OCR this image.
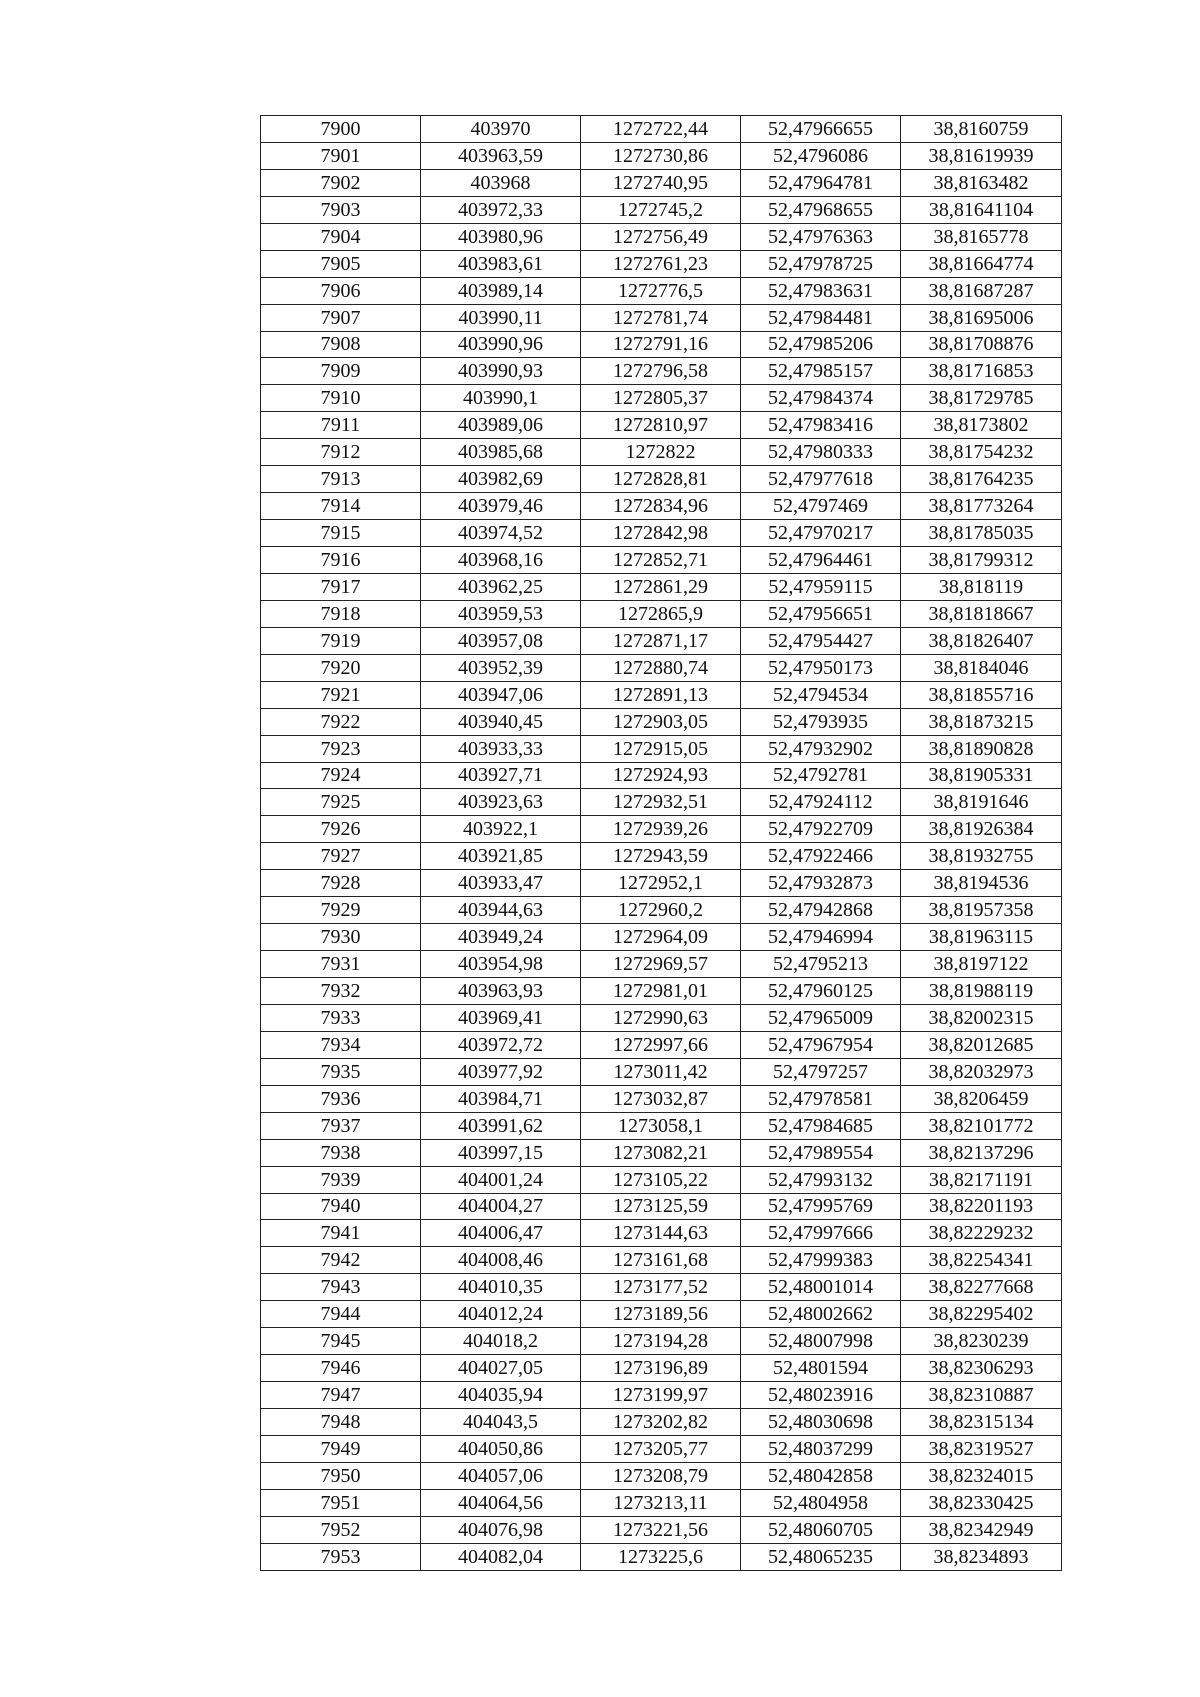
7900	403970	1272722,44	52,47966655	38,8160759
7901	403963,59	1272730,86	52,4796086	38,81619939
7902	403968	1272740,95	52,47964781	38,8163482
7903	403972,33	1272745,2	52,47968655	38,81641104
7904	403980,96	1272756,49	52,47976363	38,8165778
7905	403983,61	1272761,23	52,47978725	38,81664774
7906	403989,14	1272776,5	52,47983631	38,81687287
7907	403990,11	1272781,74	52,47984481	38,81695006
7908	403990,96	1272791,16	52,47985206	38,81708876
7909	403990,93	1272796,58	52,47985157	38,81716853
7910	403990,1	1272805,37	52,47984374	38,81729785
7911	403989,06	1272810,97	52,47983416	38,8173802
7912	403985,68	1272822	52,47980333	38,81754232
7913	403982,69	1272828,81	52,47977618	38,81764235
7914	403979,46	1272834,96	52,4797469	38,81773264
7915	403974,52	1272842,98	52,47970217	38,81785035
7916	403968,16	1272852,71	52,47964461	38,81799312
7917	403962,25	1272861,29	52,47959115	38,818119
7918	403959,53	1272865,9	52,47956651	38,81818667
7919	403957,08	1272871,17	52,47954427	38,81826407
7920	403952,39	1272880,74	52,47950173	38,8184046
7921	403947,06	1272891,13	52,4794534	38,81855716
7922	403940,45	1272903,05	52,4793935	38,81873215
7923	403933,33	1272915,05	52,47932902	38,81890828
7924	403927,71	1272924,93	52,4792781	38,81905331
7925	403923,63	1272932,51	52,47924112	38,8191646
7926	403922,1	1272939,26	52,47922709	38,81926384
7927	403921,85	1272943,59	52,47922466	38,81932755
7928	403933,47	1272952,1	52,47932873	38,8194536
7929	403944,63	1272960,2	52,47942868	38,81957358
7930	403949,24	1272964,09	52,47946994	38,81963115
7931	403954,98	1272969,57	52,4795213	38,8197122
7932	403963,93	1272981,01	52,47960125	38,81988119
7933	403969,41	1272990,63	52,47965009	38,82002315
7934	403972,72	1272997,66	52,47967954	38,82012685
7935	403977,92	1273011,42	52,4797257	38,82032973
7936	403984,71	1273032,87	52,47978581	38,8206459
7937	403991,62	1273058,1	52,47984685	38,82101772
7938	403997,15	1273082,21	52,47989554	38,82137296
7939	404001,24	1273105,22	52,47993132	38,82171191
7940	404004,27	1273125,59	52,47995769	38,82201193
7941	404006,47	1273144,63	52,47997666	38,82229232
7942	404008,46	1273161,68	52,47999383	38,82254341
7943	404010,35	1273177,52	52,48001014	38,82277668
7944	404012,24	1273189,56	52,48002662	38,82295402
7945	404018,2	1273194,28	52,48007998	38,8230239
7946	404027,05	1273196,89	52,4801594	38,82306293
7947	404035,94	1273199,97	52,48023916	38,82310887
7948	404043,5	1273202,82	52,48030698	38,82315134
7949	404050,86	1273205,77	52,48037299	38,82319527
7950	404057,06	1273208,79	52,48042858	38,82324015
7951	404064,56	1273213,11	52,4804958	38,82330425
7952	404076,98	1273221,56	52,48060705	38,82342949
7953	404082,04	1273225,6	52,48065235	38,8234893
